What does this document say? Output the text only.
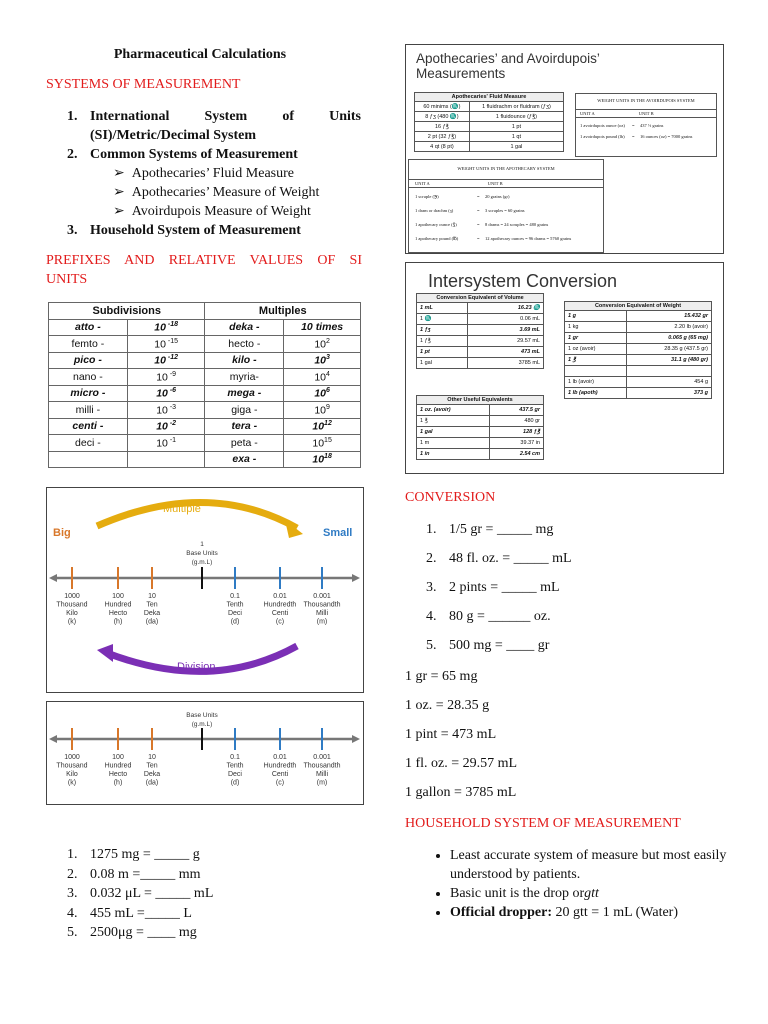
Pharmaceutical Calculations
SYSTEMS OF MEASUREMENT
1. International  System  of  Units
(SI)/Metric/Decimal System
2. Common Systems of Measurement
➢ Apothecaries’ Fluid Measure
➢ Apothecaries’ Measure of Weight
➢ Avoirdupois Measure of Weight
3. Household System of Measurement
PREFIXES AND RELATIVE VALUES OF SI
UNITS
Subdivisions		Multiples	
atto -	10 $^{-18}$	deka -	10 times
femto -	10 $^{-15}$	hecto -	$10^2$
pico -	10 $^{-12}$	kilo -	$10^3$
nano -	10 $^{-9}$	myria-	$10^4$
micro -	10 $^{-6}$	mega -	$10^6$
milli -	10 $^{-3}$	giga -	$10^9$
centi -	10 $^{-2}$	tera -	$10^{12}$
deci -	10 $^{-1}$	peta -	$10^{15}$
		exa -	$10^{18}$
Multiple
Big	Small
Division
1
Base Units
(g.m.L)
1000
Thousand
Kilo
(k)
100
Hundred
Hecto
(h)
10
Ten
Deka
(da)
0.1
Tenth
Deci
(d)
0.01
Hundredth
Centi
(c)
0.001
Thousandth
Milli
(m)
Base Units
(g.m.L)
1000
Thousand
Kilo
(k)
100
Hundred
Hecto
(h)
10
Ten
Deka
(da)
0.1
Tenth
Deci
(d)
0.01
Hundredth
Centi
(c)
0.001
Thousandth
Milli
(m)
1. 1275 mg = _____ g
2. 0.08 m =_____ mm
3. 0.032 μL = _____ mL
4. 455 mL =_____ L
5. 2500μg = ____ mg
Apothecaries’ and Avoirdupois’
Measurements
Apothecaries' Fluid Measure	
60 minims (♏)	1 fluidrachm or fluidram (ƒʒ)
8 ƒʒ (480 ♏)	1 fluidounce (ƒ℥)
16 ƒ℥	1 pt
2 pt (32 ƒ℥)	1 qt
4 qt (8 pt)	1 gal
WEIGHT UNITS IN THE AVOIRDUPOIS SYSTEM
UNIT A	UNIT B
1 avoirdupois ounce (oz) = 437 ½ grains
1 avoirdupois pound (lb) = 16 ounces (oz) = 7000 grains
WEIGHT UNITS IN THE APOTHECARY SYSTEM
UNIT A	UNIT B
1 scruple (℈)	= 20 grains (gr)
1 dram or drachm (ʒ)	= 3 scruples = 60 grains
1 apothecary ounce (℥)	= 8 drams = 24 scruples = 480 grains
1 apothecary pound (℔)	= 12 apothecary ounces = 96 drams = 5760 grains
Intersystem Conversion
Conversion Equivalent of Volume	
1 mL	16.23 ♏
1 ♏	0.06 mL
1 ƒʒ	3.69 mL
1 ƒ℥	29.57 mL
1 pt	473 mL
1 gal	3785 mL
Conversion Equivalent of Weight	
1 g	15.432 gr
1 kg	2.20 lb (avoir)
1 gr	0.065 g (65 mg)
1 oz (avoir)	28.35 g (437.5 gr)
1 ℥	31.1 g (480 gr)

1 lb (avoir)	454 g
1 lb (apoth)	373 g
Other Useful Equivalents	
1 oz. (avoir)	437.5 gr
1 ℥	480 gr
1 gal	128 ƒ℥
1 m	39.37 in
1 in	2.54 cm
CONVERSION
1. 1/5 gr = _____ mg
2. 48 fl. oz. = _____ mL
3. 2 pints = _____ mL
4. 80 g = ______ oz.
5. 500 mg = ____ gr
1 gr = 65 mg
1 oz. = 28.35 g
1 pint = 473 mL
1 fl. oz. = 29.57 mL
1 gallon = 3785 mL
HOUSEHOLD SYSTEM OF MEASUREMENT
• Least accurate system of measure but most easily understood by patients.
• Basic unit is the drop orgtt
• Official dropper: 20 gtt = 1 mL (Water)
